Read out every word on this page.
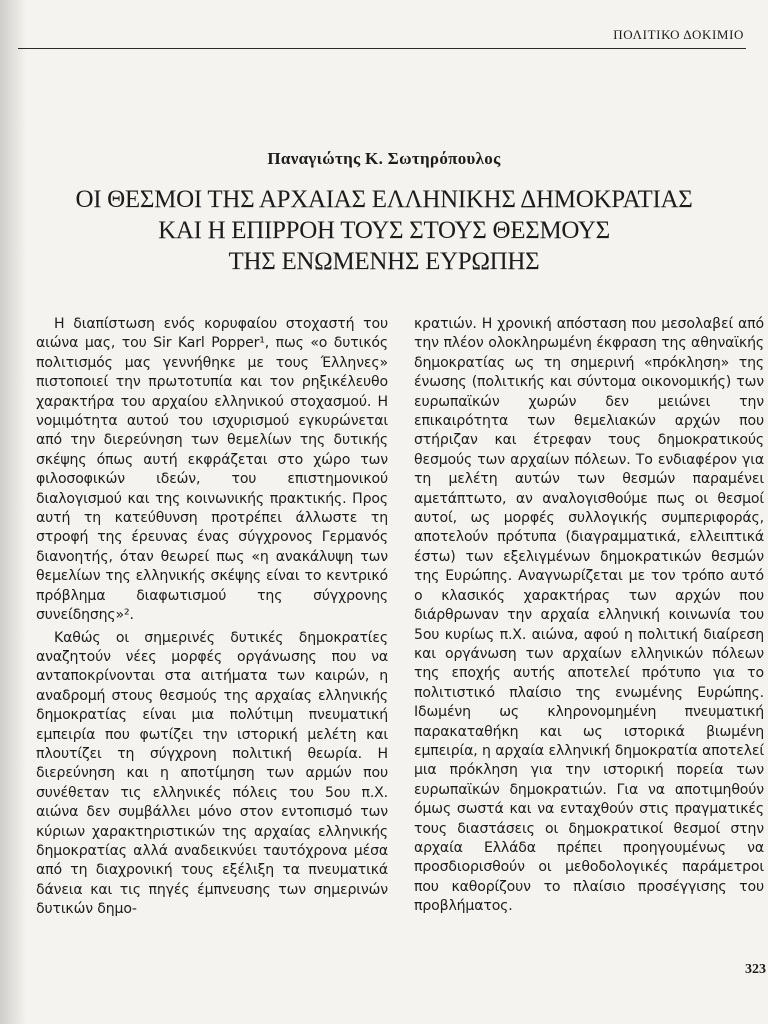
ΠΟΛΙΤΙΚΟ ΔΟΚΙΜΙΟ
Παναγιώτης Κ. Σωτηρόπουλος
ΟΙ ΘΕΣΜΟΙ ΤΗΣ ΑΡΧΑΙΑΣ ΕΛΛΗΝΙΚΗΣ ΔΗΜΟΚΡΑΤΙΑΣ
ΚΑΙ Η ΕΠΙΡΡΟΗ ΤΟΥΣ ΣΤΟΥΣ ΘΕΣΜΟΥΣ
ΤΗΣ ΕΝΩΜΕΝΗΣ ΕΥΡΩΠΗΣ

Η διαπίστωση ενός κορυφαίου στοχαστή του αιώνα μας, του Sir Karl Popper¹, πως «ο δυτικός πολιτισμός μας γεννήθηκε με τους Έλληνες» πιστοποιεί την πρωτοτυπία και τον ρηξικέλευθο χαρακτήρα του αρχαίου ελληνικού στοχασμού. Η νομιμότητα αυτού του ισχυρισμού εγκυρώνεται από την διερεύνηση των θεμελίων της δυτικής σκέψης όπως αυτή εκφράζεται στο χώρο των φιλοσοφικών ιδεών, του επιστημονικού διαλογισμού και της κοινωνικής πρακτικής. Προς αυτή τη κατεύθυνση προτρέπει άλλωστε τη στροφή της έρευνας ένας σύγχρονος Γερμανός διανοητής, όταν θεωρεί πως «η ανακάλυψη των θεμελίων της ελληνικής σκέψης είναι το κεντρικό πρόβλημα διαφωτισμού της σύγχρονης συνείδησης»².

Καθώς οι σημερινές δυτικές δημοκρατίες αναζητούν νέες μορφές οργάνωσης που να ανταποκρίνονται στα αιτήματα των καιρών, η αναδρομή στους θεσμούς της αρχαίας ελληνικής δημοκρατίας είναι μια πολύτιμη πνευματική εμπειρία που φωτίζει την ιστορική μελέτη και πλουτίζει τη σύγχρονη πολιτική θεωρία. Η διερεύνηση και η αποτίμηση των αρμών που συνέθεταν τις ελληνικές πόλεις του 5ου π.Χ. αιώνα δεν συμβάλλει μόνο στον εντοπισμό των κύριων χαρακτηριστικών της αρχαίας ελληνικής δημοκρατίας αλλά αναδεικνύει ταυτόχρονα μέσα από τη διαχρονική τους εξέλιξη τα πνευματικά δάνεια και τις πηγές έμπνευσης των σημερινών δυτικών δημο-

κρατιών. Η χρονική απόσταση που μεσολαβεί από την πλέον ολοκληρωμένη έκφραση της αθηναϊκής δημοκρατίας ως τη σημερινή «πρόκληση» της ένωσης (πολιτικής και σύντομα οικονομικής) των ευρωπαϊκών χωρών δεν μειώνει την επικαιρότητα των θεμελιακών αρχών που στήριζαν και έτρεφαν τους δημοκρατικούς θεσμούς των αρχαίων πόλεων. Το ενδιαφέρον για τη μελέτη αυτών των θεσμών παραμένει αμετάπτωτο, αν αναλογισθούμε πως οι θεσμοί αυτοί, ως μορφές συλλογικής συμπεριφοράς, αποτελούν πρότυπα (διαγραμματικά, ελλειπτικά έστω) των εξελιγμένων δημοκρατικών θεσμών της Ευρώπης. Αναγνωρίζεται με τον τρόπο αυτό ο κλασικός χαρακτήρας των αρχών που διάρθρωναν την αρχαία ελληνική κοινωνία του 5ου κυρίως π.Χ. αιώνα, αφού η πολιτική διαίρεση και οργάνωση των αρχαίων ελληνικών πόλεων της εποχής αυτής αποτελεί πρότυπο για το πολιτιστικό πλαίσιο της ενωμένης Ευρώπης. Ιδωμένη ως κληρονομημένη πνευματική παρακαταθήκη και ως ιστορικά βιωμένη εμπειρία, η αρχαία ελληνική δημοκρατία αποτελεί μια πρόκληση για την ιστορική πορεία των ευρωπαϊκών δημοκρατιών. Για να αποτιμηθούν όμως σωστά και να ενταχθούν στις πραγματικές τους διαστάσεις οι δημοκρατικοί θεσμοί στην αρχαία Ελλάδα πρέπει προηγουμένως να προσδιορισθούν οι μεθοδολογικές παράμετροι που καθορίζουν το πλαίσιο προσέγγισης του προβλήματος.

323
